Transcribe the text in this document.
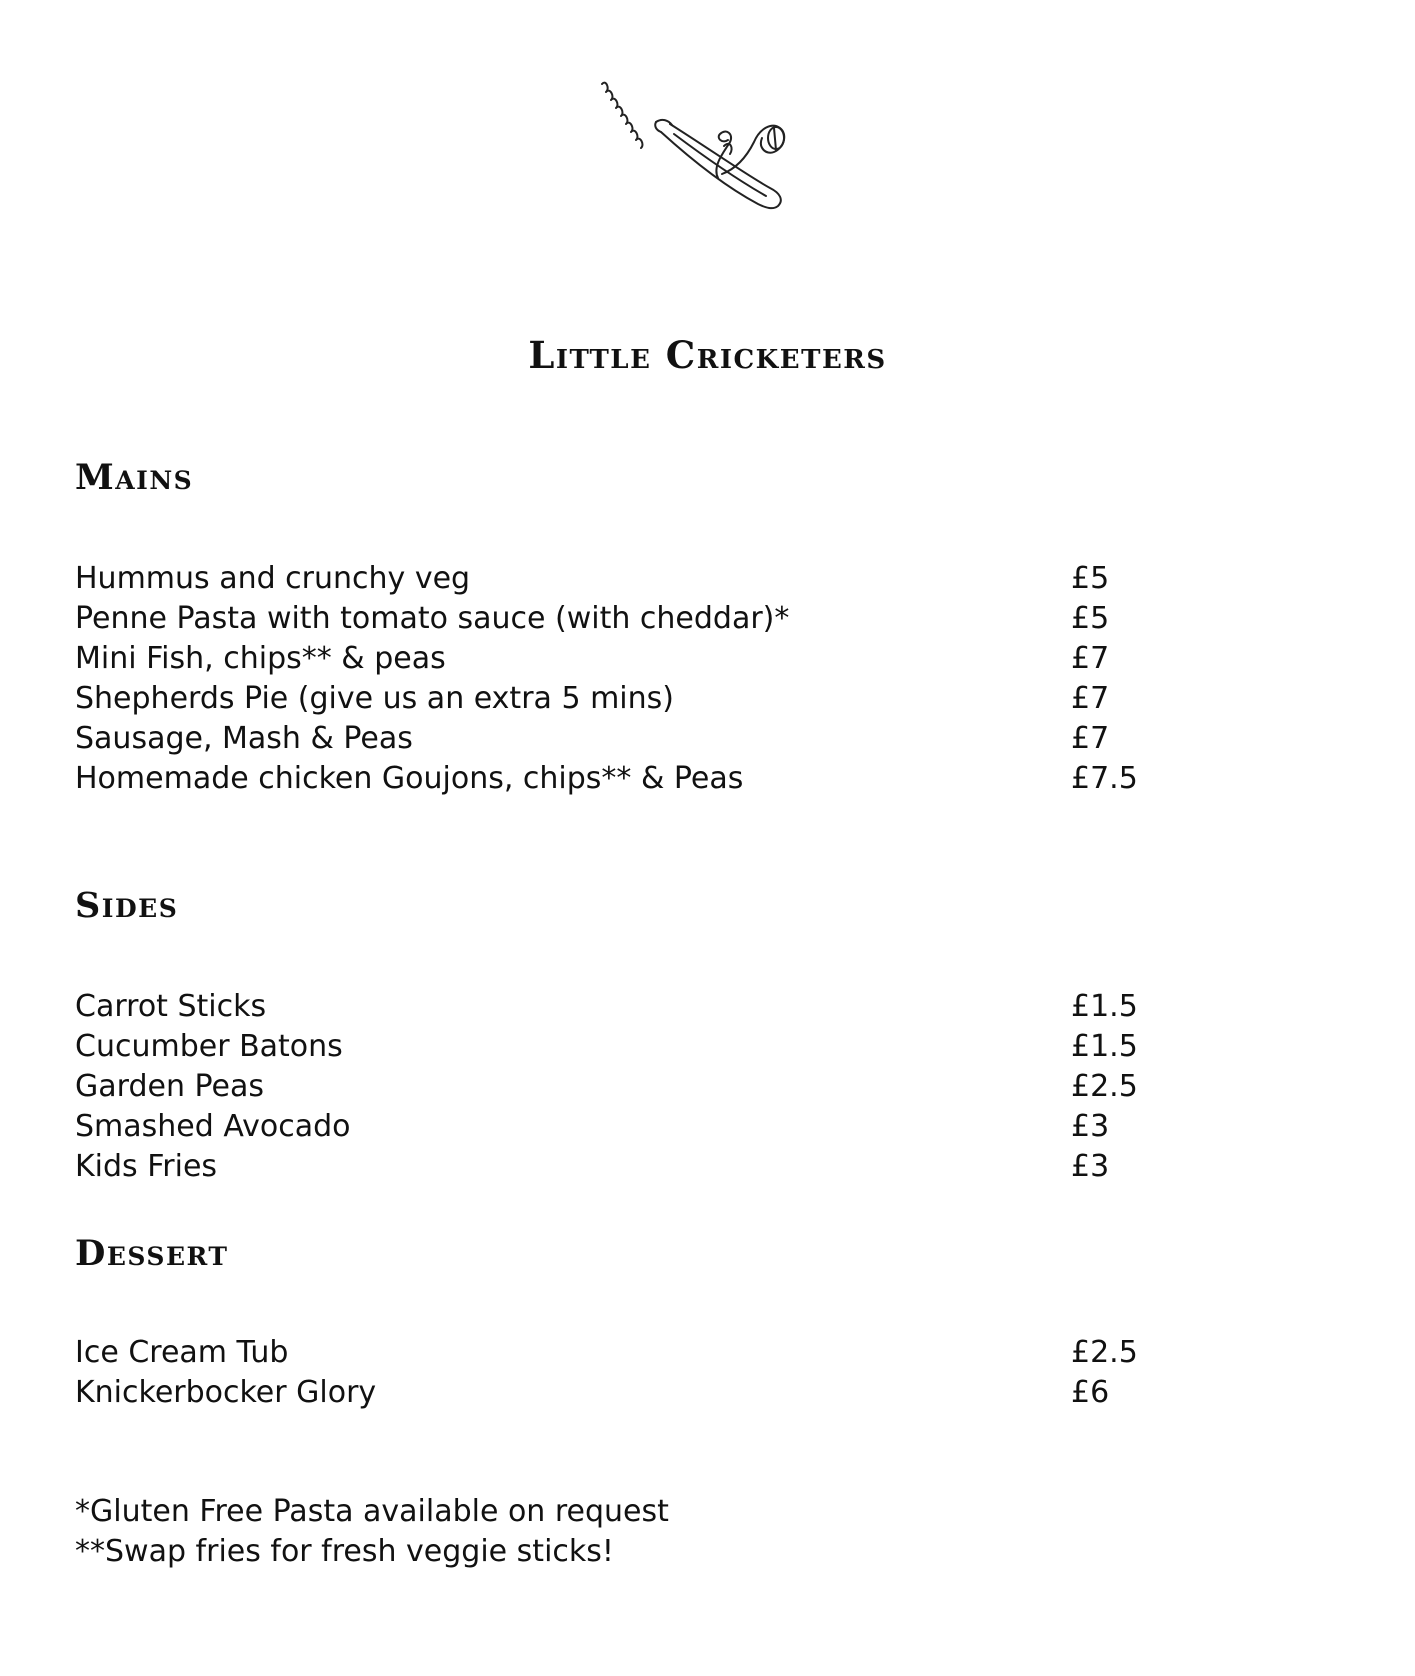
Little Cricketers
Mains
Hummus and crunchy veg	£5
Penne Pasta with tomato sauce (with cheddar)*	£5
Mini Fish, chips** & peas	£7
Shepherds Pie (give us an extra 5 mins)	£7
Sausage, Mash & Peas	£7
Homemade chicken Goujons, chips** & Peas	£7.5
Sides
Carrot Sticks	£1.5
Cucumber Batons	£1.5
Garden Peas	£2.5
Smashed Avocado	£3
Kids Fries	£3
Dessert
Ice Cream Tub	£2.5
Knickerbocker Glory	£6
*Gluten Free Pasta available on request
**Swap fries for fresh veggie sticks!
